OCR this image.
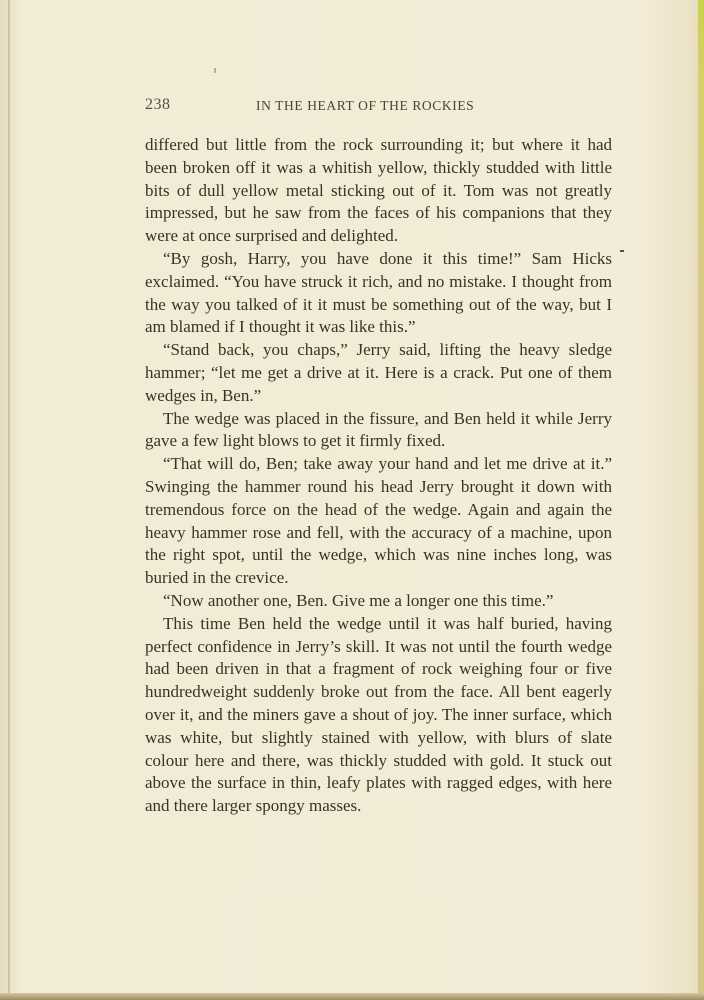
238	IN THE HEART OF THE ROCKIES

differed but little from the rock surrounding it; but where it had been broken off it was a whitish yellow, thickly studded with little bits of dull yellow metal sticking out of it. Tom was not greatly impressed, but he saw from the faces of his companions that they were at once surprised and delighted.

“By gosh, Harry, you have done it this time!” Sam Hicks exclaimed. “You have struck it rich, and no mistake. I thought from the way you talked of it it must be something out of the way, but I am blamed if I thought it was like this.”

“Stand back, you chaps,” Jerry said, lifting the heavy sledge hammer; “let me get a drive at it. Here is a crack. Put one of them wedges in, Ben.”

The wedge was placed in the fissure, and Ben held it while Jerry gave a few light blows to get it firmly fixed.

“That will do, Ben; take away your hand and let me drive at it.” Swinging the hammer round his head Jerry brought it down with tremendous force on the head of the wedge. Again and again the heavy hammer rose and fell, with the accuracy of a machine, upon the right spot, until the wedge, which was nine inches long, was buried in the crevice.

“Now another one, Ben. Give me a longer one this time.”

This time Ben held the wedge until it was half buried, having perfect confidence in Jerry’s skill. It was not until the fourth wedge had been driven in that a fragment of rock weighing four or five hundredweight suddenly broke out from the face. All bent eagerly over it, and the miners gave a shout of joy. The inner surface, which was white, but slightly stained with yellow, with blurs of slate colour here and there, was thickly studded with gold. It stuck out above the surface in thin, leafy plates with ragged edges, with here and there larger spongy masses.
